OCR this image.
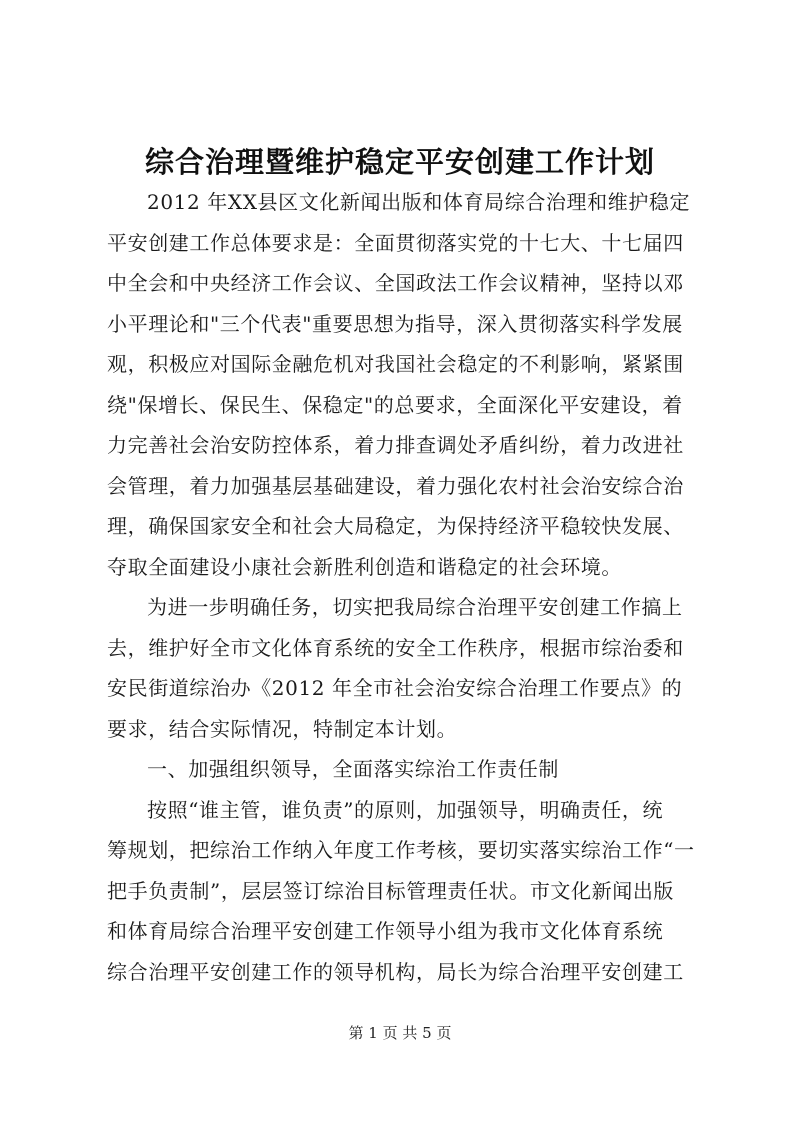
综合治理暨维护稳定平安创建工作计划
2012 年XX县区文化新闻出版和体育局综合治理和维护稳定
平安创建工作总体要求是：全面贯彻落实党的十七大、十七届四
中全会和中央经济工作会议、全国政法工作会议精神，坚持以邓
小平理论和"三个代表"重要思想为指导，深入贯彻落实科学发展
观，积极应对国际金融危机对我国社会稳定的不利影响，紧紧围
绕"保增长、保民生、保稳定"的总要求，全面深化平安建设，着
力完善社会治安防控体系，着力排查调处矛盾纠纷，着力改进社
会管理，着力加强基层基础建设，着力强化农村社会治安综合治
理，确保国家安全和社会大局稳定，为保持经济平稳较快发展、
夺取全面建设小康社会新胜利创造和谐稳定的社会环境。
为进一步明确任务，切实把我局综合治理平安创建工作搞上
去，维护好全市文化体育系统的安全工作秩序，根据市综治委和
安民街道综治办《2012 年全市社会治安综合治理工作要点》的
要求，结合实际情况，特制定本计划。
一、加强组织领导，全面落实综治工作责任制
按照“谁主管，谁负责”的原则，加强领导，明确责任，统
筹规划，把综治工作纳入年度工作考核，要切实落实综治工作“一
把手负责制”，层层签订综治目标管理责任状。市文化新闻出版
和体育局综合治理平安创建工作领导小组为我市文化体育系统
综合治理平安创建工作的领导机构，局长为综合治理平安创建工
第 1 页 共 5 页
